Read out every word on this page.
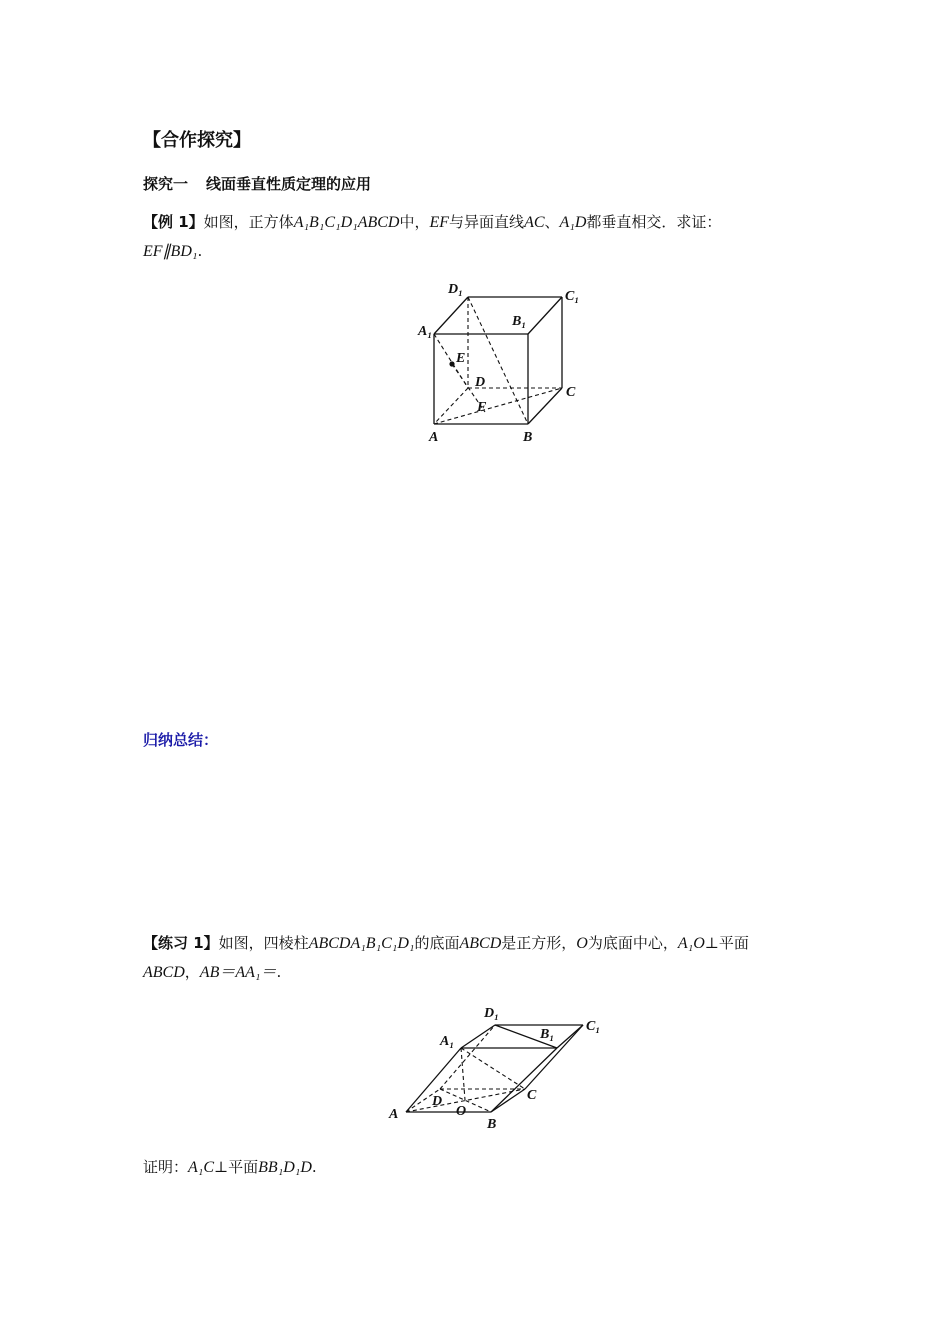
【合作探究】
探究一 线面垂直性质定理的应用
【例 1】如图，正方体A₁B₁C₁D₁ABCD中，EF与异面直线AC、A₁D都垂直相交．求证：
EF∥BD₁.
D₁	C₁
A₁
B₁
E
D
C
F
A	B
归纳总结：
【练习 1】如图，四棱柱ABCDA₁B₁C₁D₁的底面ABCD是正方形，O为底面中心，A₁O⊥平面
ABCD，AB＝AA₁＝.
D₁
C₁
A₁	B₁
D	C
O
A
B
证明：A₁C⊥平面BB₁D₁D.
